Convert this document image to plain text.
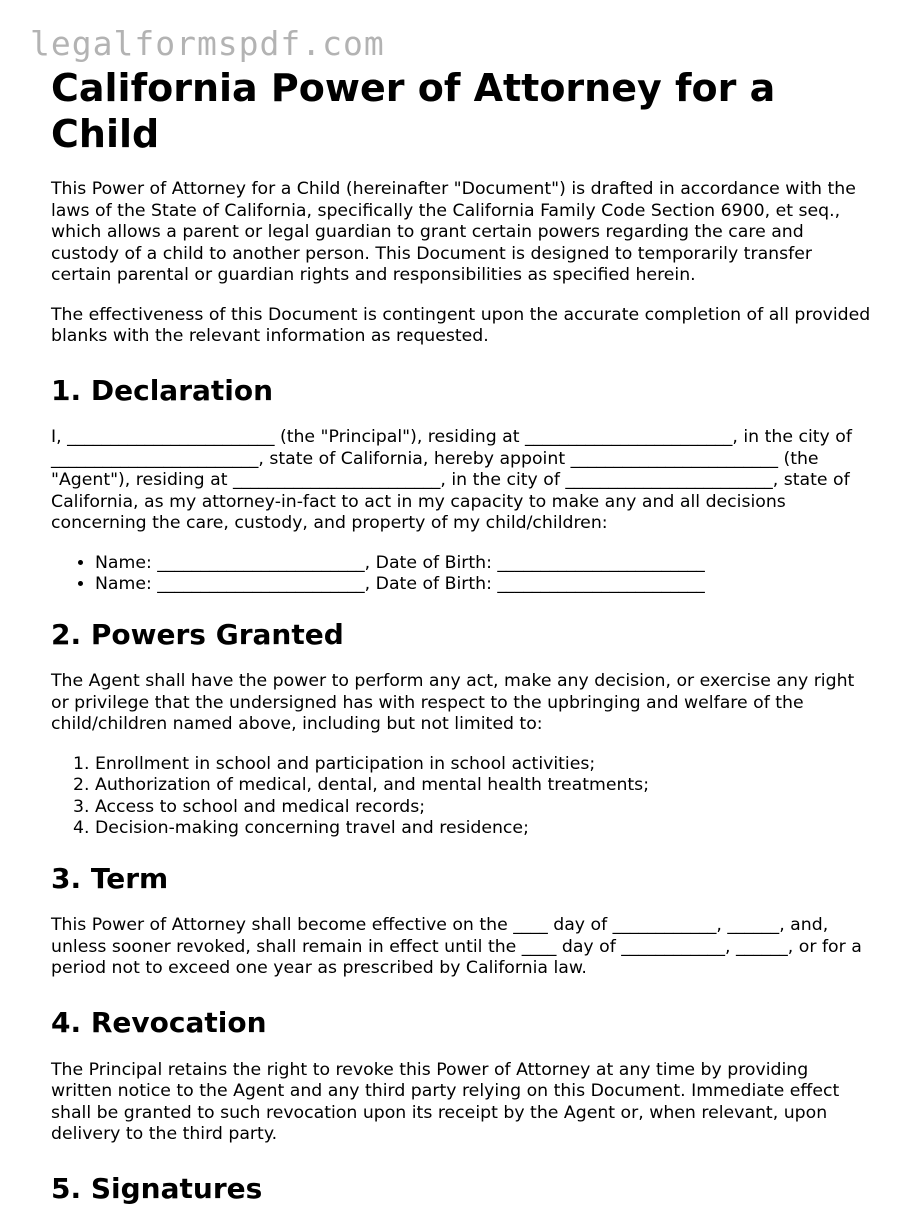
legalformspdf.com
California Power of Attorney for a Child

This Power of Attorney for a Child (hereinafter "Document") is drafted in accordance with the laws of the State of California, specifically the California Family Code Section 6900, et seq., which allows a parent or legal guardian to grant certain powers regarding the care and custody of a child to another person. This Document is designed to temporarily transfer certain parental or guardian rights and responsibilities as specified herein.

The effectiveness of this Document is contingent upon the accurate completion of all provided blanks with the relevant information as requested.

1. Declaration

I, ________________________ (the "Principal"), residing at ________________________, in the city of ________________________, state of California, hereby appoint ________________________ (the "Agent"), residing at ________________________, in the city of ________________________, state of California, as my attorney-in-fact to act in my capacity to make any and all decisions concerning the care, custody, and property of my child/children:

• Name: ________________________, Date of Birth: ________________________
• Name: ________________________, Date of Birth: ________________________
2. Powers Granted

The Agent shall have the power to perform any act, make any decision, or exercise any right or privilege that the undersigned has with respect to the upbringing and welfare of the child/children named above, including but not limited to:

1. Enrollment in school and participation in school activities;
2. Authorization of medical, dental, and mental health treatments;
3. Access to school and medical records;
4. Decision-making concerning travel and residence;
3. Term

This Power of Attorney shall become effective on the ____ day of ____________, ______, and, unless sooner revoked, shall remain in effect until the ____ day of ____________, ______, or for a period not to exceed one year as prescribed by California law.

4. Revocation

The Principal retains the right to revoke this Power of Attorney at any time by providing written notice to the Agent and any third party relying on this Document. Immediate effect shall be granted to such revocation upon its receipt by the Agent or, when relevant, upon delivery to the third party.

5. Signatures
